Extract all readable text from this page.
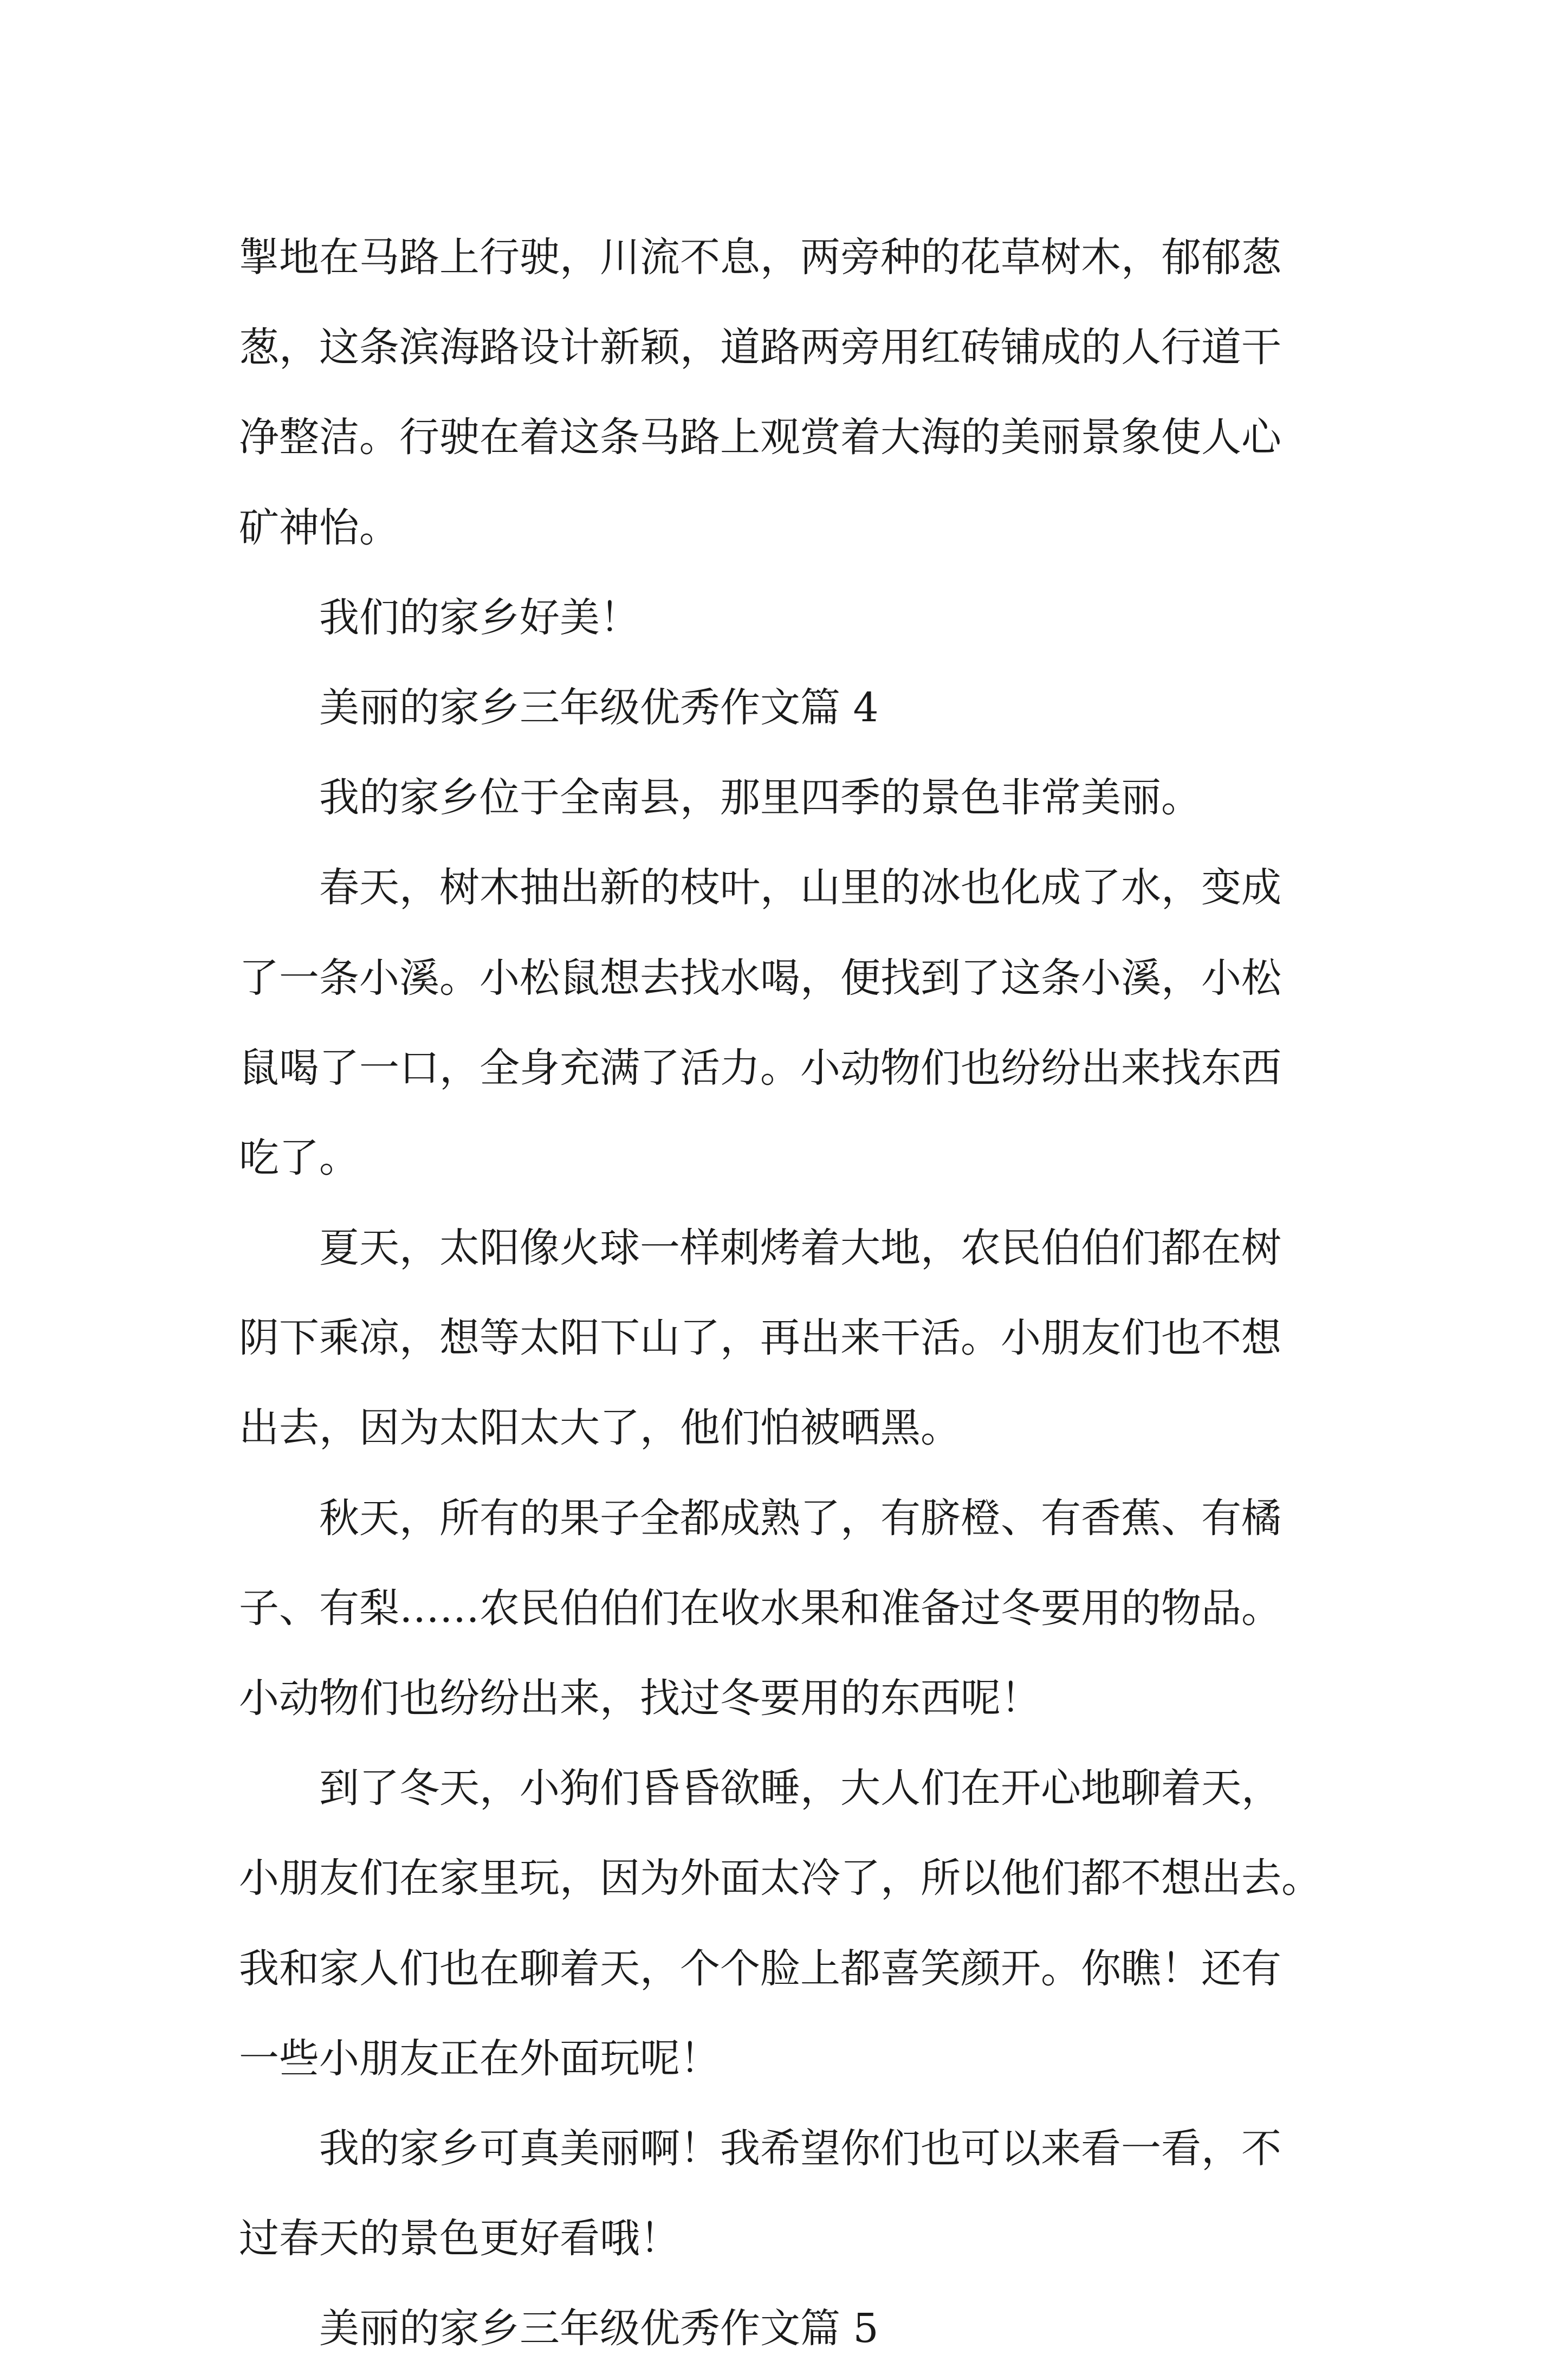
掣地在马路上行驶，川流不息，两旁种的花草树木，郁郁葱
葱，这条滨海路设计新颖，道路两旁用红砖铺成的人行道干
净整洁。行驶在着这条马路上观赏着大海的美丽景象使人心
矿神怡。
我们的家乡好美！
美丽的家乡三年级优秀作文篇 4
我的家乡位于全南县，那里四季的景色非常美丽。
春天，树木抽出新的枝叶，山里的冰也化成了水，变成
了一条小溪。小松鼠想去找水喝，便找到了这条小溪，小松
鼠喝了一口，全身充满了活力。小动物们也纷纷出来找东西
吃了。
夏天，太阳像火球一样刺烤着大地，农民伯伯们都在树
阴下乘凉，想等太阳下山了，再出来干活。小朋友们也不想
出去，因为太阳太大了，他们怕被晒黑。
秋天，所有的果子全都成熟了，有脐橙、有香蕉、有橘
子、有梨……农民伯伯们在收水果和准备过冬要用的物品。
小动物们也纷纷出来，找过冬要用的东西呢！
到了冬天，小狗们昏昏欲睡，大人们在开心地聊着天，
小朋友们在家里玩，因为外面太冷了，所以他们都不想出去。
我和家人们也在聊着天，个个脸上都喜笑颜开。你瞧！还有
一些小朋友正在外面玩呢！
我的家乡可真美丽啊！我希望你们也可以来看一看，不
过春天的景色更好看哦！
美丽的家乡三年级优秀作文篇 5
